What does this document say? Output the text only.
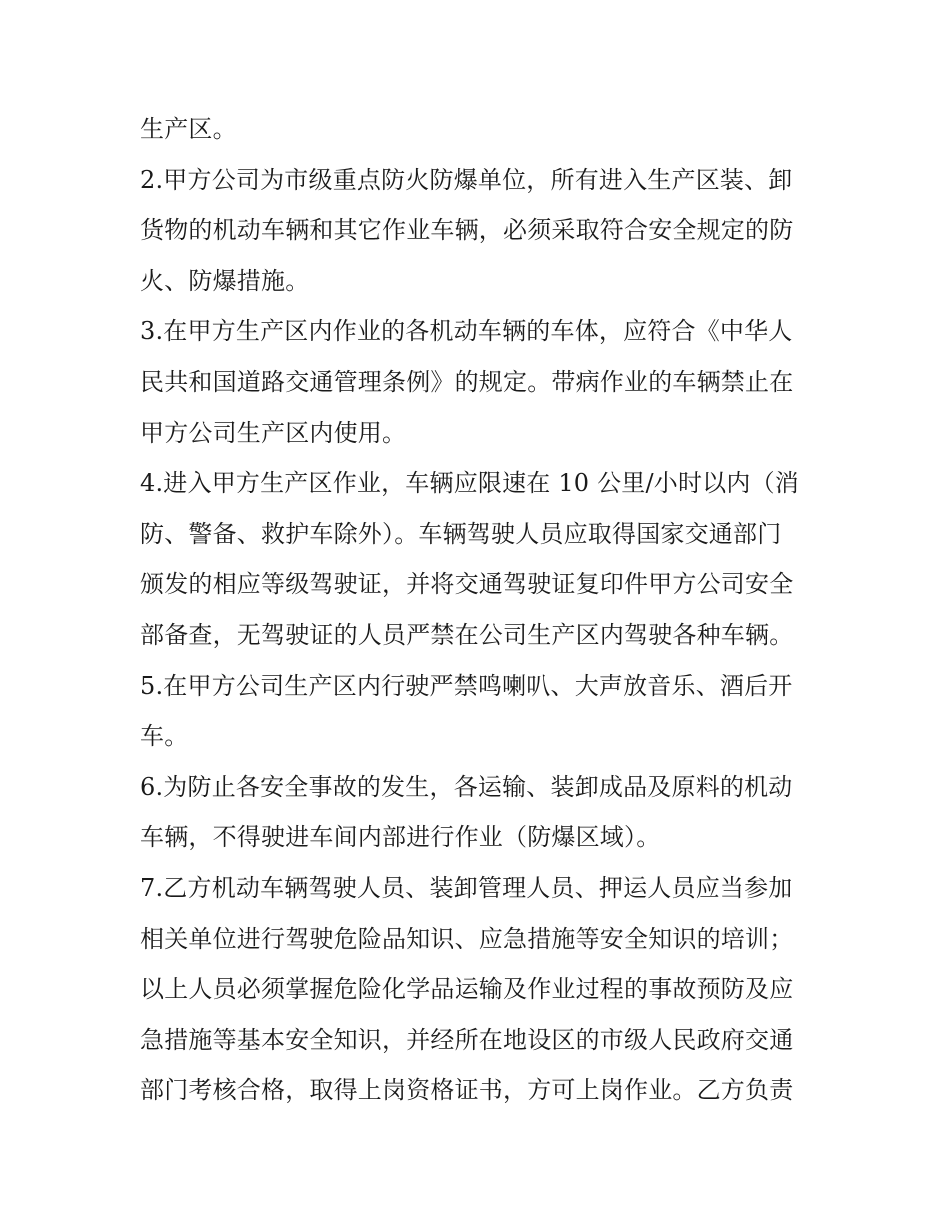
生产区。
2.甲方公司为市级重点防火防爆单位，所有进入生产区装、卸
货物的机动车辆和其它作业车辆，必须采取符合安全规定的防
火、防爆措施。
3.在甲方生产区内作业的各机动车辆的车体，应符合《中华人
民共和国道路交通管理条例》的规定。带病作业的车辆禁止在
甲方公司生产区内使用。
4.进入甲方生产区作业，车辆应限速在 10 公里/小时以内（消
防、警备、救护车除外）。车辆驾驶人员应取得国家交通部门
颁发的相应等级驾驶证，并将交通驾驶证复印件甲方公司安全
部备查，无驾驶证的人员严禁在公司生产区内驾驶各种车辆。
5.在甲方公司生产区内行驶严禁鸣喇叭、大声放音乐、酒后开
车。
6.为防止各安全事故的发生，各运输、装卸成品及原料的机动
车辆，不得驶进车间内部进行作业（防爆区域）。
7.乙方机动车辆驾驶人员、装卸管理人员、押运人员应当参加
相关单位进行驾驶危险品知识、应急措施等安全知识的培训；
以上人员必须掌握危险化学品运输及作业过程的事故预防及应
急措施等基本安全知识，并经所在地设区的市级人民政府交通
部门考核合格，取得上岗资格证书，方可上岗作业。乙方负责
